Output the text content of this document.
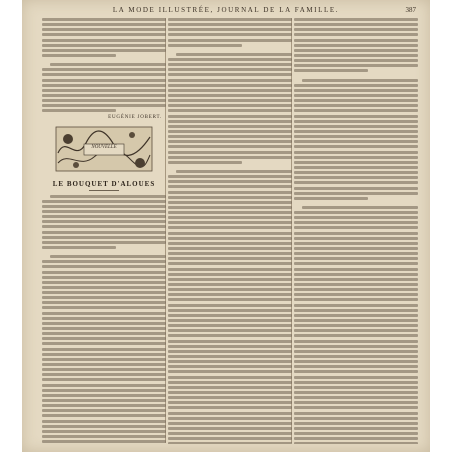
LA MODE ILLUSTRÉE, JOURNAL DE LA FAMILLE.	387
EUGÉNIE JOBERT.
LE BOUQUET D'ALOUES
